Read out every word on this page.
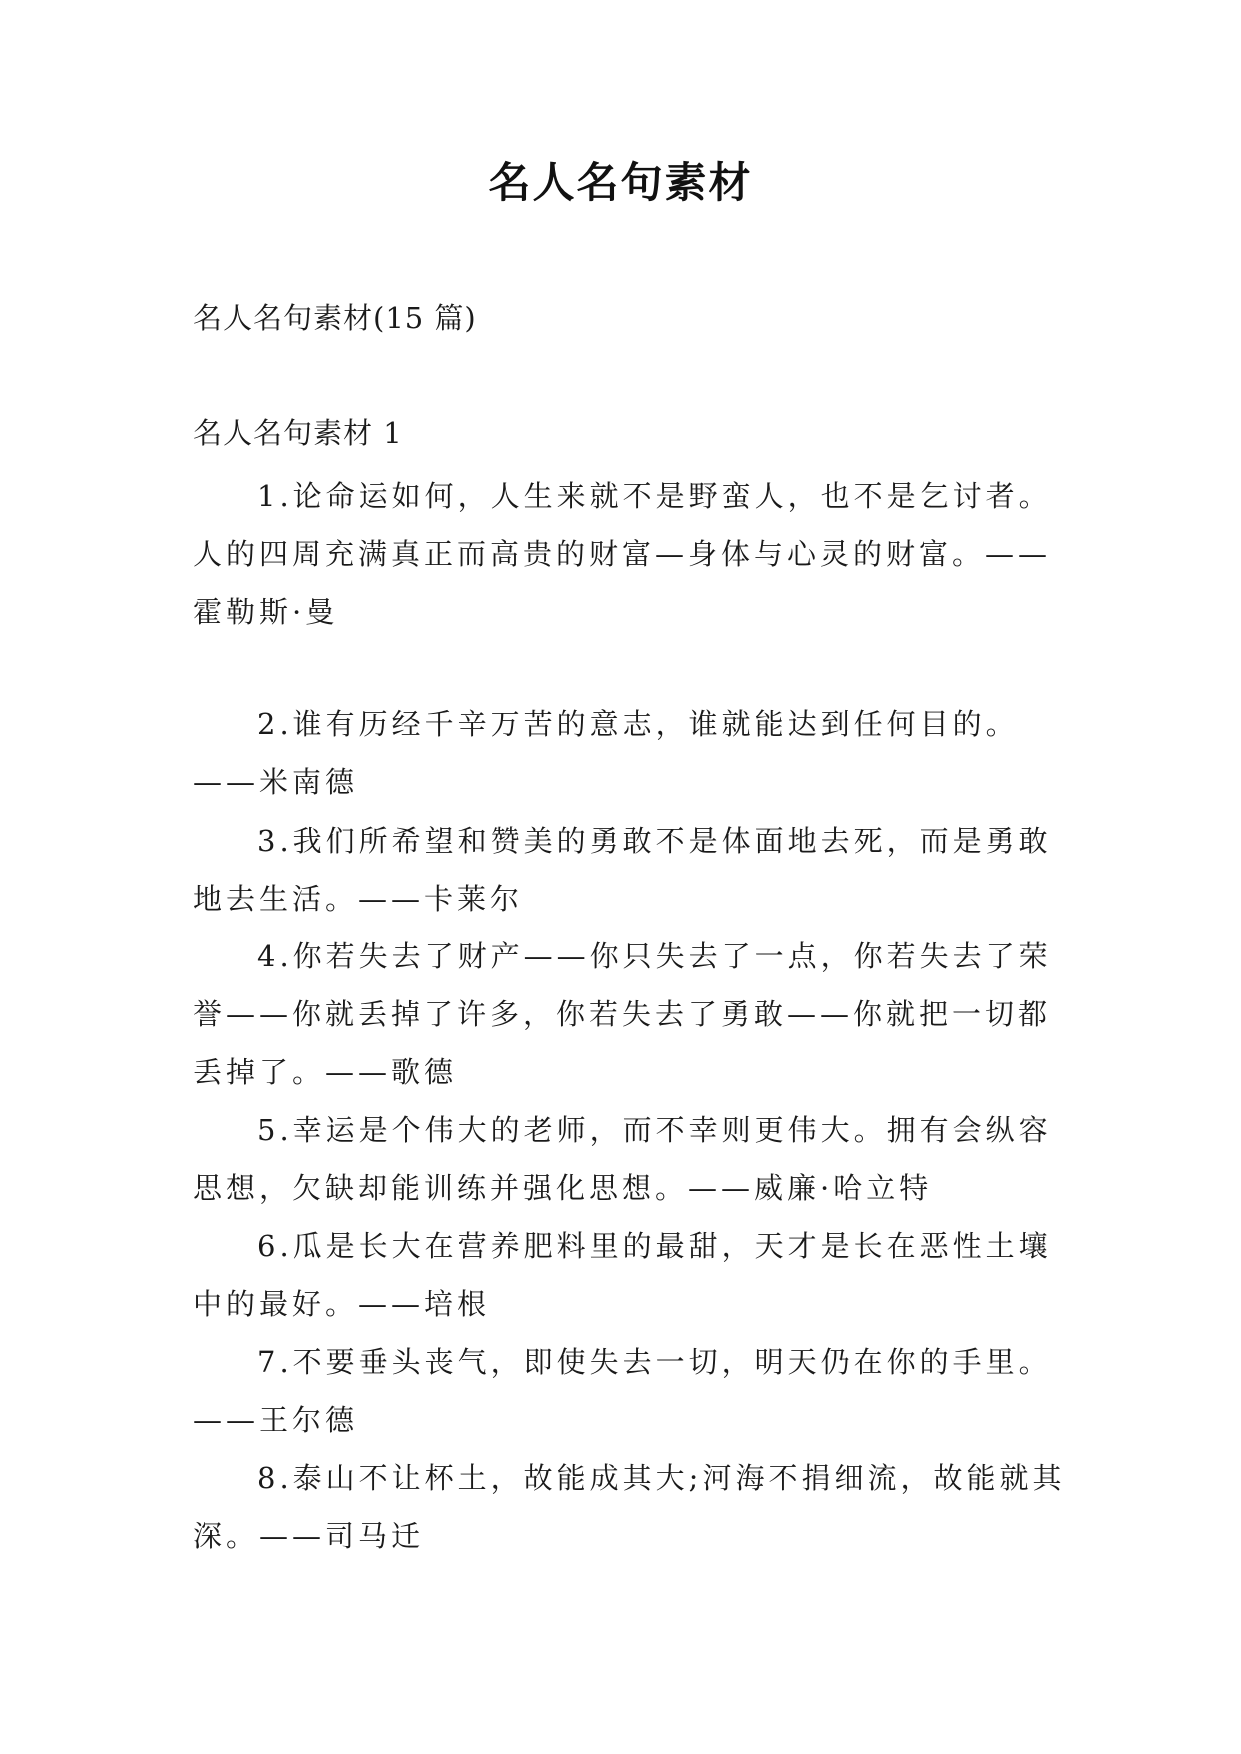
名人名句素材
名人名句素材(15 篇)
名人名句素材 1

1.论命运如何，人生来就不是野蛮人，也不是乞讨者。人的四周充满真正而高贵的财富—身体与心灵的财富。——霍勒斯·曼

2.谁有历经千辛万苦的意志，谁就能达到任何目的。——米南德

3.我们所希望和赞美的勇敢不是体面地去死，而是勇敢地去生活。——卡莱尔

4.你若失去了财产——你只失去了一点，你若失去了荣誉——你就丢掉了许多，你若失去了勇敢——你就把一切都丢掉了。——歌德

5.幸运是个伟大的老师，而不幸则更伟大。拥有会纵容思想，欠缺却能训练并强化思想。——威廉·哈立特

6.瓜是长大在营养肥料里的最甜，天才是长在恶性土壤中的最好。——培根

7.不要垂头丧气，即使失去一切，明天仍在你的手里。——王尔德

8.泰山不让杯土，故能成其大;河海不捐细流，故能就其深。——司马迁
